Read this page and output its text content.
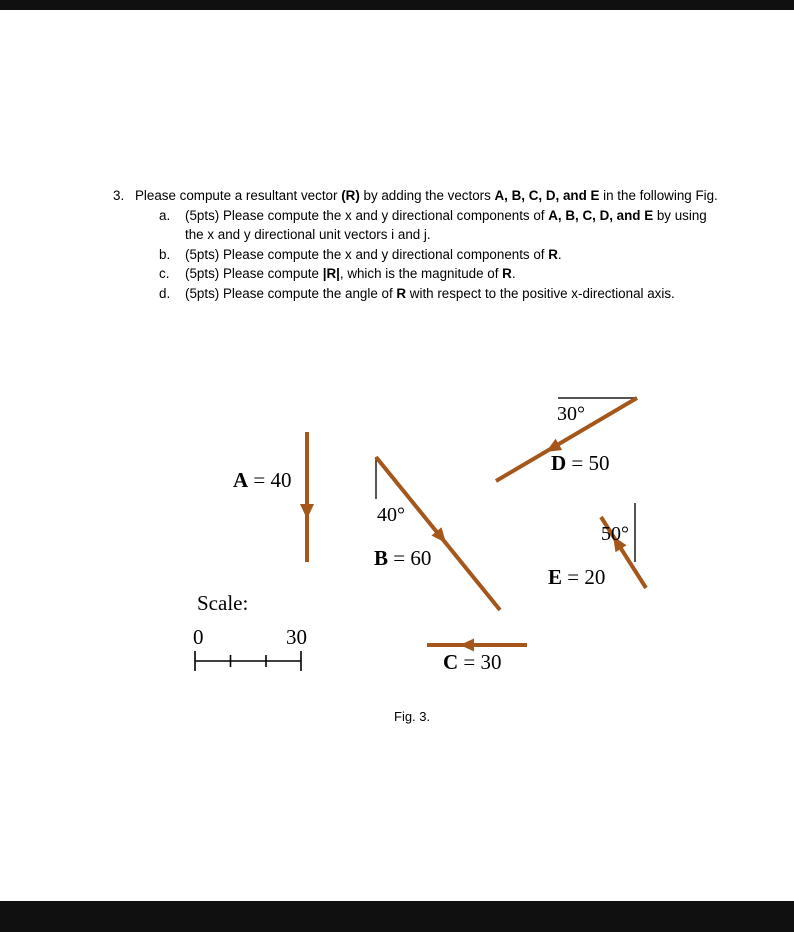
3. Please compute a resultant vector (R) by adding the vectors A, B, C, D, and E in the following Fig.
a.	(5pts) Please compute the x and y directional components of A, B, C, D, and E by using
the x and y directional unit vectors i and j.
b.	(5pts) Please compute the x and y directional components of R.
c.	(5pts) Please compute |R|, which is the magnitude of R.
d.	(5pts) Please compute the angle of R with respect to the positive x-directional axis.
A = 40
40°
B = 60
C = 30
30°
D = 50
50°
E = 20
Scale:
0	30
Fig. 3.
